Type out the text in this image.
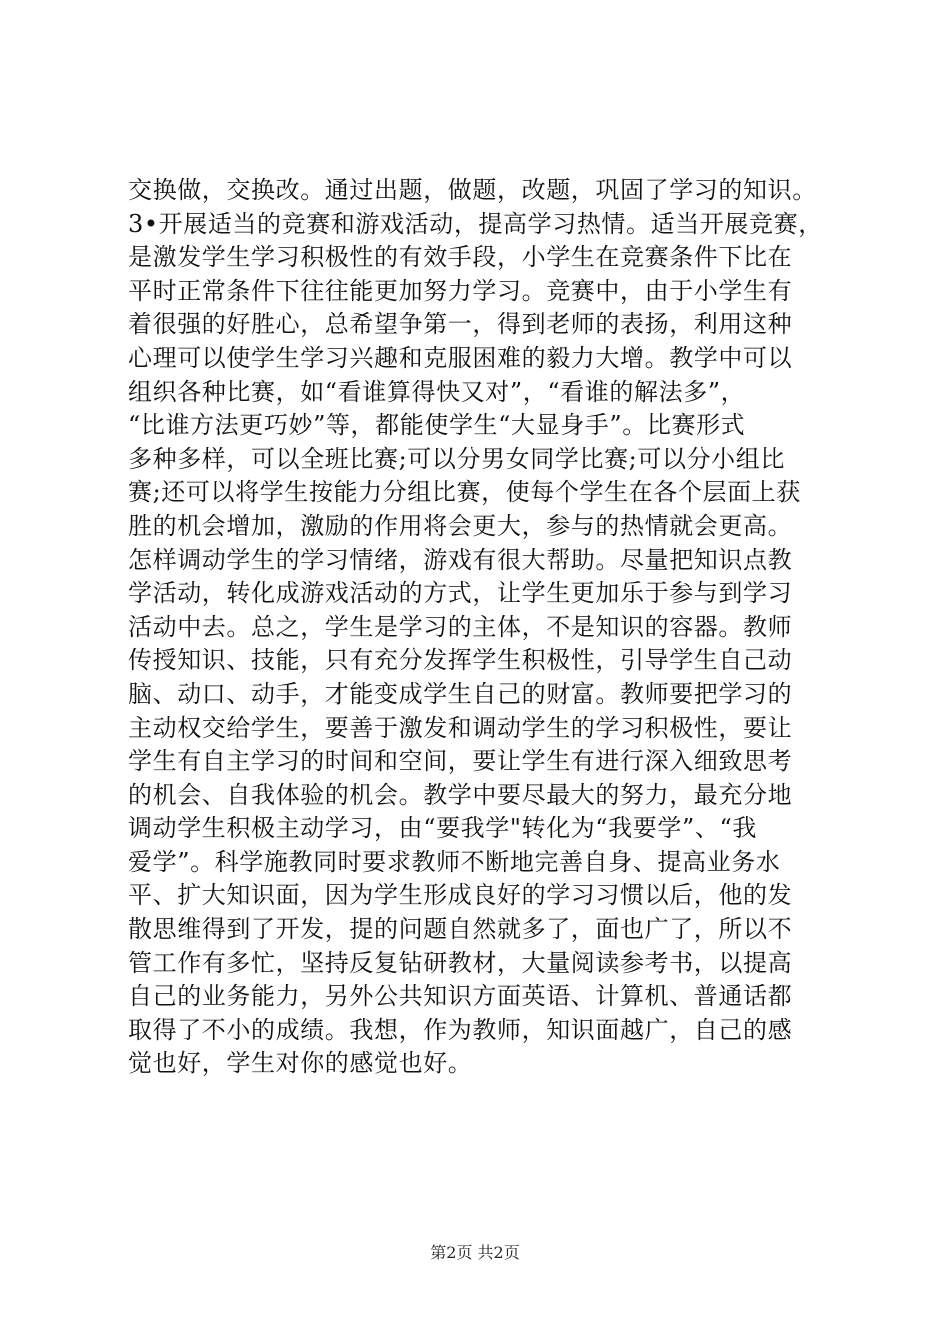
交换做，交换改。通过出题，做题，改题，巩固了学习的知识。
3•开展适当的竞赛和游戏活动，提高学习热情。适当开展竞赛，
是激发学生学习积极性的有效手段，小学生在竞赛条件下比在
平时正常条件下往往能更加努力学习。竞赛中，由于小学生有
着很强的好胜心，总希望争第一，得到老师的表扬，利用这种
心理可以使学生学习兴趣和克服困难的毅力大增。教学中可以
组织各种比赛，如“看谁算得快又对”，“看谁的解法多”，
“比谁方法更巧妙”等，都能使学生“大显身手”。比赛形式
多种多样，可以全班比赛;可以分男女同学比赛;可以分小组比
赛;还可以将学生按能力分组比赛，使每个学生在各个层面上获
胜的机会增加，激励的作用将会更大，参与的热情就会更高。
怎样调动学生的学习情绪，游戏有很大帮助。尽量把知识点教
学活动，转化成游戏活动的方式，让学生更加乐于参与到学习
活动中去。总之，学生是学习的主体，不是知识的容器。教师
传授知识、技能，只有充分发挥学生积极性，引导学生自己动
脑、动口、动手，才能变成学生自己的财富。教师要把学习的
主动权交给学生，要善于激发和调动学生的学习积极性，要让
学生有自主学习的时间和空间，要让学生有进行深入细致思考
的机会、自我体验的机会。教学中要尽最大的努力，最充分地
调动学生积极主动学习，由“要我学"转化为“我要学”、“我
爱学”。科学施教同时要求教师不断地完善自身、提高业务水
平、扩大知识面，因为学生形成良好的学习习惯以后，他的发
散思维得到了开发，提的问题自然就多了，面也广了，所以不
管工作有多忙，坚持反复钻研教材，大量阅读参考书，以提高
自己的业务能力，另外公共知识方面英语、计算机、普通话都
取得了不小的成绩。我想，作为教师，知识面越广，自己的感
觉也好，学生对你的感觉也好。
第2页 共2页
